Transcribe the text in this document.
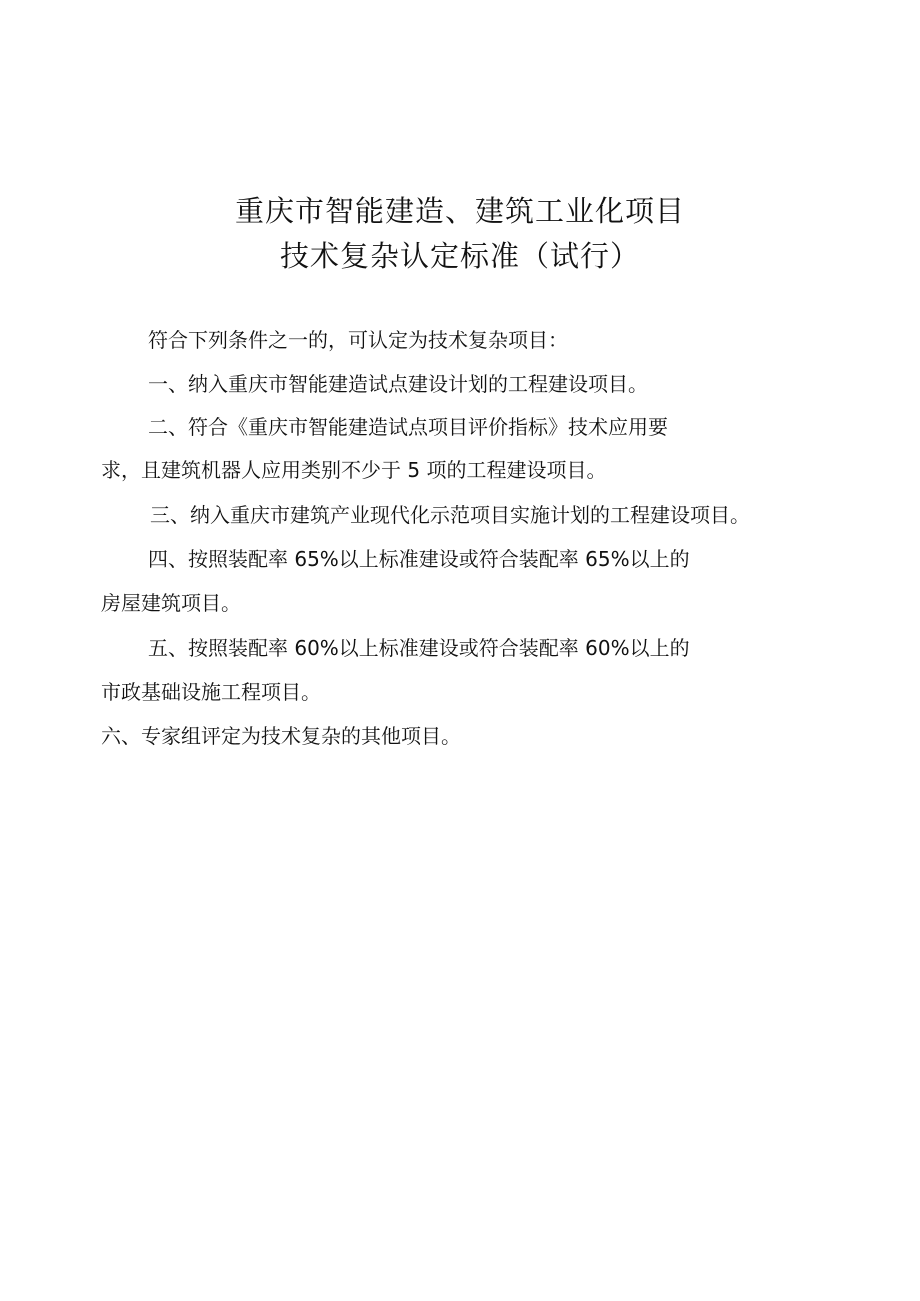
重庆市智能建造、建筑工业化项目
技术复杂认定标准（试行）
符合下列条件之一的，可认定为技术复杂项目：
一、纳入重庆市智能建造试点建设计划的工程建设项目。
二、符合《重庆市智能建造试点项目评价指标》技术应用要
求，且建筑机器人应用类别不少于 5 项的工程建设项目。
三、纳入重庆市建筑产业现代化示范项目实施计划的工程建设项目。
四、按照装配率 65%以上标准建设或符合装配率 65%以上的
房屋建筑项目。
五、按照装配率 60%以上标准建设或符合装配率 60%以上的
市政基础设施工程项目。
六、专家组评定为技术复杂的其他项目。
